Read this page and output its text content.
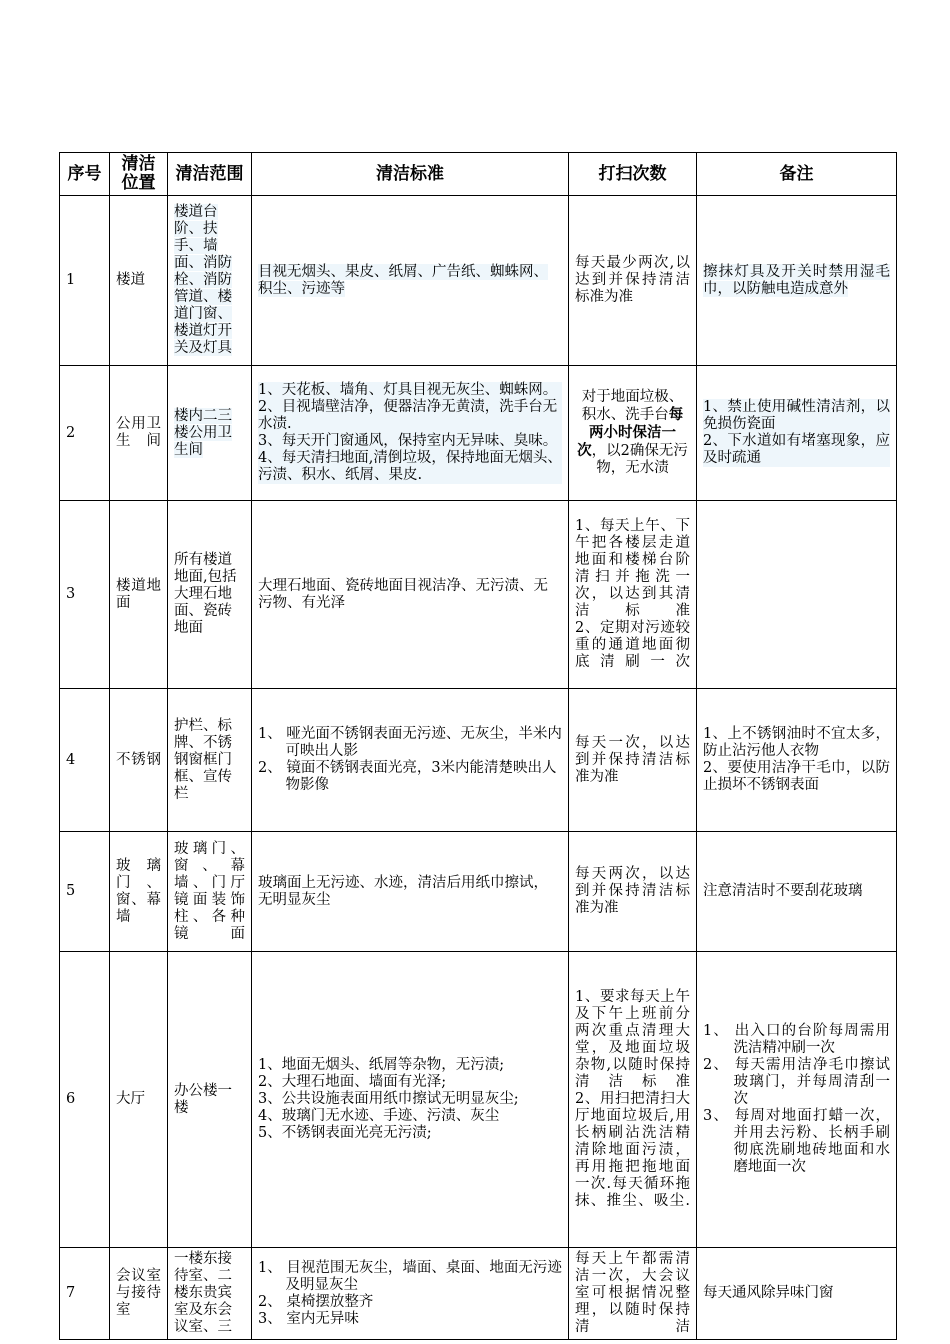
序号	清洁位置	清洁范围	清洁标准	打扫次数	备注
1	楼道	楼道台阶、扶手、墙面、消防栓、消防管道、楼道门窗、楼道灯开关及灯具	目视无烟头、果皮、纸屑、广告纸、蜘蛛网、积尘、污迹等	每天最少两次,以达到并保持清洁标准为准	擦抹灯具及开关时禁用湿毛巾，以防触电造成意外
2	公用卫生间	楼内二三楼公用卫生间	1、天花板、墙角、灯具目视无灰尘、蜘蛛网。
2、目视墙壁洁净，便器洁净无黄渍，洗手台无水渍.
3、每天开门窗通风，保持室内无异味、臭味。
4、每天清扫地面,清倒垃圾，保持地面无烟头、污渍、积水、纸屑、果皮.	对于地面垃极、积水、洗手台每两小时保洁一次，以2确保无污物，无水渍	1、禁止使用碱性清洁剂，以免损伤瓷面
2、下水道如有堵塞现象，应及时疏通

3	楼道地面	所有楼道地面,包括大理石地面、瓷砖地面	大理石地面、瓷砖地面目视洁净、无污渍、无污物、有光泽	1、每天上午、下午把各楼层走道地面和楼梯台阶清扫并拖洗一次，以达到其清洁标准
2、定期对污迹较重的通道地面彻底清刷一次	

4	不锈钢	护栏、标牌、不锈钢窗框门框、宣传栏	1、 哑光面不锈钢表面无污迹、无灰尘，半米内可映出人影
2、 镜面不锈钢表面光亮，3米内能清楚映出人物影像	每天一次，以达到并保持清洁标准为准	1、上不锈钢油时不宜太多，防止沾污他人衣物
2、要使用洁净干毛巾，以防止损坏不锈钢表面

5	玻璃门、窗、幕墙	玻璃门、窗、幕墙、门厅镜面装饰柱、各种镜面	玻璃面上无污迹、水迹，清洁后用纸巾擦试，无明显灰尘	每天两次，以达到并保持清洁标准为准	注意清洁时不要刮花玻璃
6	大厅	办公楼一楼	1、地面无烟头、纸屑等杂物，无污渍;
2、大理石地面、墙面有光泽;
3、公共设施表面用纸巾擦试无明显灰尘;
4、玻璃门无水迹、手迹、污渍、灰尘
5、不锈钢表面光亮无污渍;	1、要求每天上午及下午上班前分两次重点清理大堂，及地面垃圾杂物,以随时保持清洁标准
2、用扫把清扫大厅地面垃圾后,用长柄刷沾洗洁精清除地面污渍，再用拖把拖地面一次.每天循环拖抹、推尘、吸尘.	1、 出入口的台阶每周需用洗洁精冲刷一次
2、 每天需用洁净毛巾擦试玻璃门，并每周清刮一次
3、 每周对地面打蜡一次，并用去污粉、长柄手刷彻底洗刷地砖地面和水磨地面一次

7	会议室与接待室	一楼东接待室、二楼东贵宾室及东会议室、三	1、 目视范围无灰尘，墙面、桌面、地面无污迹及明显灰尘
2、 桌椅摆放整齐
3、 室内无异味	每天上午都需清洁一次，大会议室可根据情况整理，以随时保持清洁	每天通风除异味门窗
